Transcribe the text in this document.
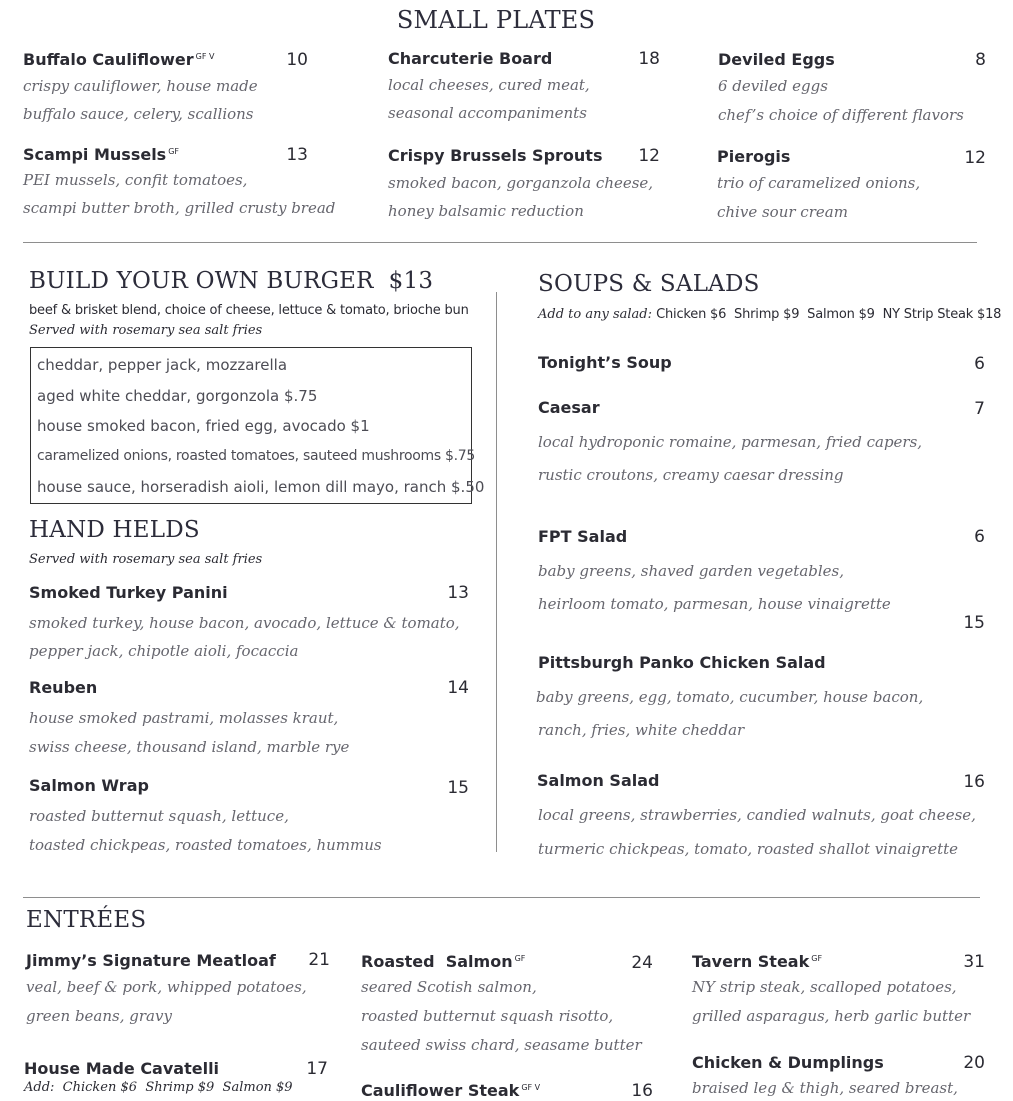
SMALL PLATES
Buffalo Cauliflower $^{GF V}$	10
crispy cauliflower, house made
buffalo sauce, celery, scallions
Charcuterie Board	18
local cheeses, cured meat,
seasonal accompaniments
Deviled Eggs	8
6 deviled eggs
chef’s choice of different flavors
Scampi Mussels $^{GF}$	13
PEI mussels, confit tomatoes,
scampi butter broth, grilled crusty bread
Crispy Brussels Sprouts 12
smoked bacon, gorganzola cheese,
honey balsamic reduction
Pierogis	12
trio of caramelized onions,
chive sour cream
BUILD YOUR OWN BURGER  $13
beef & brisket blend, choice of cheese, lettuce & tomato, brioche bun
Served with rosemary sea salt fries
cheddar, pepper jack, mozzarella
aged white cheddar, gorgonzola $.75
house smoked bacon, fried egg, avocado $1
caramelized onions, roasted tomatoes, sauteed mushrooms $.75
house sauce, horseradish aioli, lemon dill mayo, ranch $.50
HAND HELDS
Served with rosemary sea salt fries
Smoked Turkey Panini	13
smoked turkey, house bacon, avocado, lettuce & tomato,
pepper jack, chipotle aioli, focaccia
Reuben	14
house smoked pastrami, molasses kraut,
swiss cheese, thousand island, marble rye
Salmon Wrap	15
roasted butternut squash, lettuce,
toasted chickpeas, roasted tomatoes, hummus
SOUPS & SALADS
Add to any salad: Chicken $6  Shrimp $9  Salmon $9  NY Strip Steak $18
Tonight’s Soup	6
Caesar	7
local hydroponic romaine, parmesan, fried capers,
rustic croutons, creamy caesar dressing
FPT Salad	6
baby greens, shaved garden vegetables,
heirloom tomato, parmesan, house vinaigrette
15
Pittsburgh Panko Chicken Salad
baby greens, egg, tomato, cucumber, house bacon,
ranch, fries, white cheddar
Salmon Salad	16
local greens, strawberries, candied walnuts, goat cheese,
turmeric chickpeas, tomato, roasted shallot vinaigrette
ENTRÉES
Jimmy’s Signature Meatloaf 21
veal, beef & pork, whipped potatoes,
green beans, gravy
Roasted  Salmon $^{GF}$	24
seared Scotish salmon,
roasted butternut squash risotto,
sauteed swiss chard, seasame butter
Tavern Steak $^{GF}$	31
NY strip steak, scalloped potatoes,
grilled asparagus, herb garlic butter
House Made Cavatelli	17
Add:  Chicken $6  Shrimp $9  Salmon $9	Cauliflower Steak $^{GF V}$	16
Chicken & Dumplings	20
braised leg & thigh, seared breast,
